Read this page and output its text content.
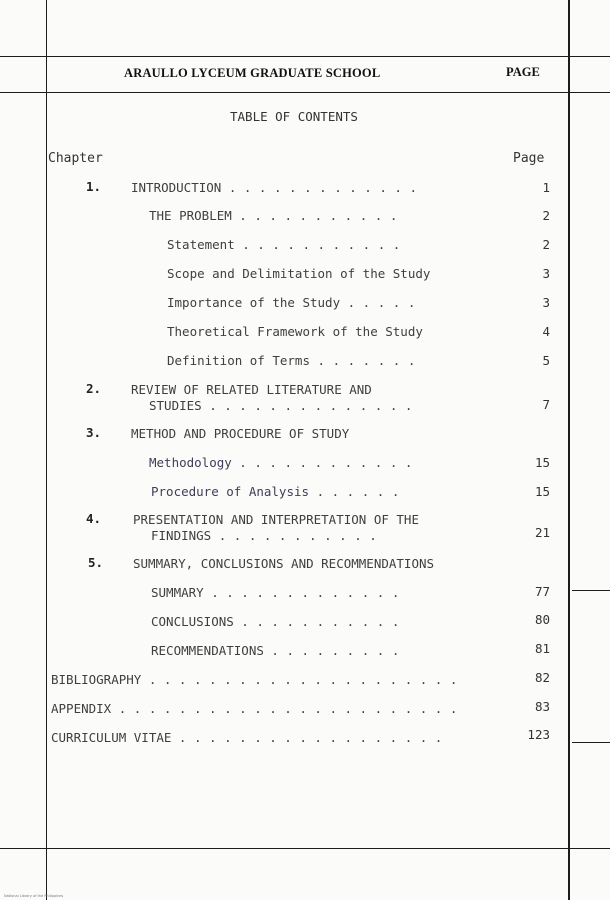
ARAULLO LYCEUM GRADUATE SCHOOL	PAGE
TABLE OF CONTENTS
Chapter	Page
1. INTRODUCTION . . . . . . . . . . . . .	1
THE PROBLEM . . . . . . . . . . .	2
Statement . . . . . . . . . . .	2
Scope and Delimitation of the Study	3
Importance of the Study . . . . .	3
Theoretical Framework of the Study	4
Definition of Terms . . . . . . .	5
2. REVIEW OF RELATED LITERATURE AND
STUDIES . . . . . . . . . . . . . .	7
3. METHOD AND PROCEDURE OF STUDY
Methodology . . . . . . . . . . . .	15
Procedure of Analysis . . . . . .	15
4.	PRESENTATION AND INTERPRETATION OF THE
FINDINGS . . . . . . . . . . .	21
5. SUMMARY, CONCLUSIONS AND RECOMMENDATIONS
SUMMARY . . . . . . . . . . . . .	77
CONCLUSIONS . . . . . . . . . . .	80
RECOMMENDATIONS . . . . . . . . .	81
BIBLIOGRAPHY . . . . . . . . . . . . . . . . . . . . .	82
APPENDIX . . . . . . . . . . . . . . . . . . . . . . .	83
CURRICULUM VITAE . . . . . . . . . . . . . . . . . .	123
National Library of the Philippines
